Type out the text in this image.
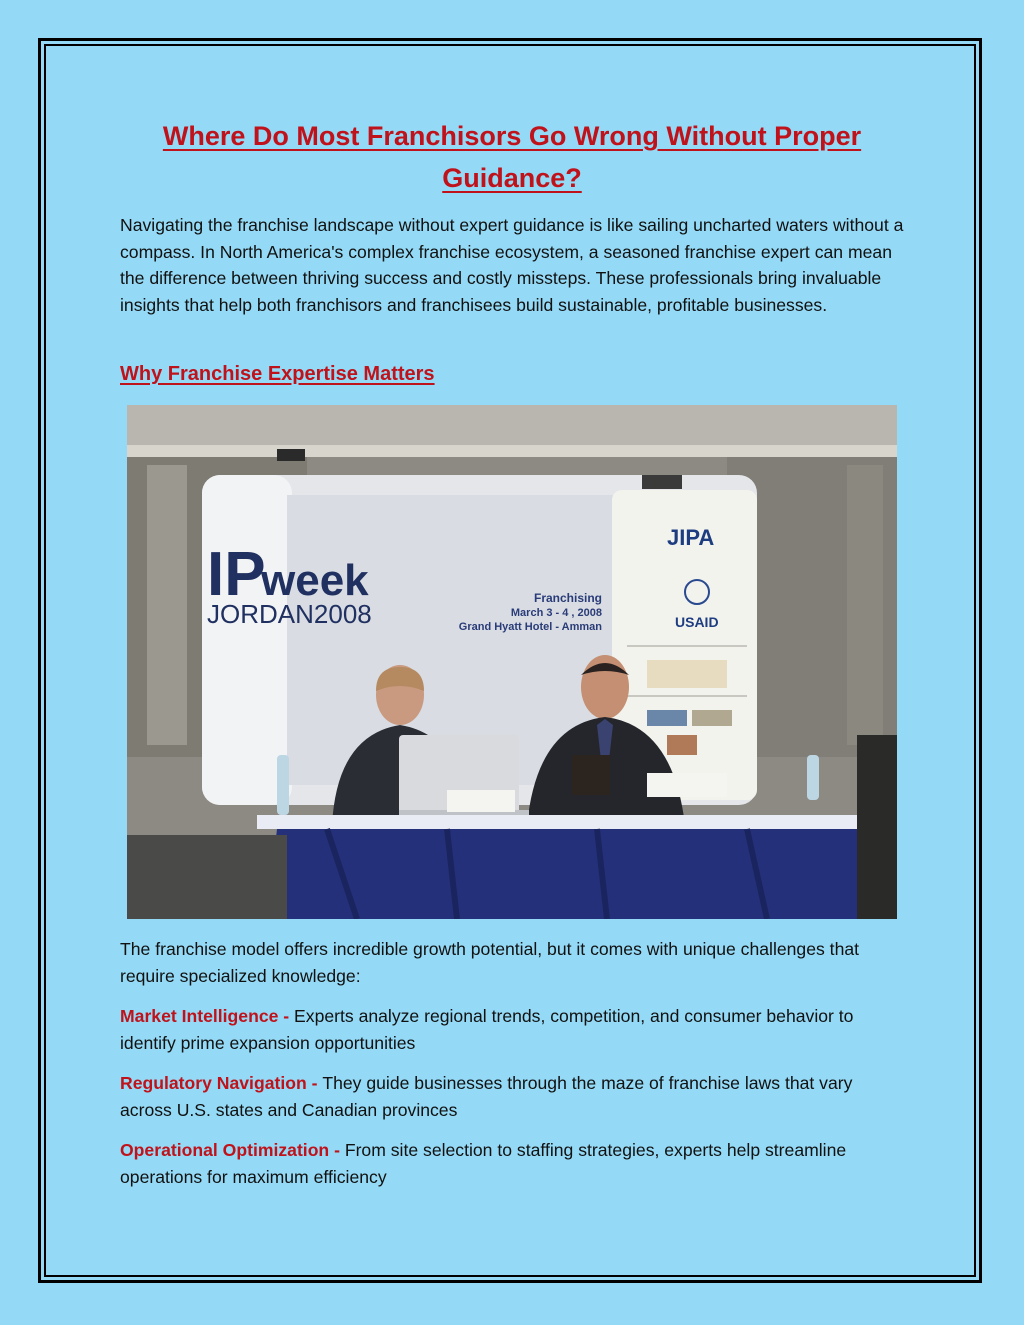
Where Do Most Franchisors Go Wrong Without Proper Guidance?

Navigating the franchise landscape without expert guidance is like sailing uncharted waters without a compass. In North America's complex franchise ecosystem, a seasoned franchise expert can mean the difference between thriving success and costly missteps. These professionals bring invaluable insights that help both franchisors and franchisees build sustainable, profitable businesses.

Why Franchise Expertise Matters

The franchise model offers incredible growth potential, but it comes with unique challenges that require specialized knowledge:

Market Intelligence - Experts analyze regional trends, competition, and consumer behavior to identify prime expansion opportunities

Regulatory Navigation - They guide businesses through the maze of franchise laws that vary across U.S. states and Canadian provinces

Operational Optimization - From site selection to staffing strategies, experts help streamline operations for maximum efficiency

IP
week
JORDAN2008
Franchising
March 3 - 4 , 2008
Grand Hyatt Hotel - Amman
JIPA
USAID
